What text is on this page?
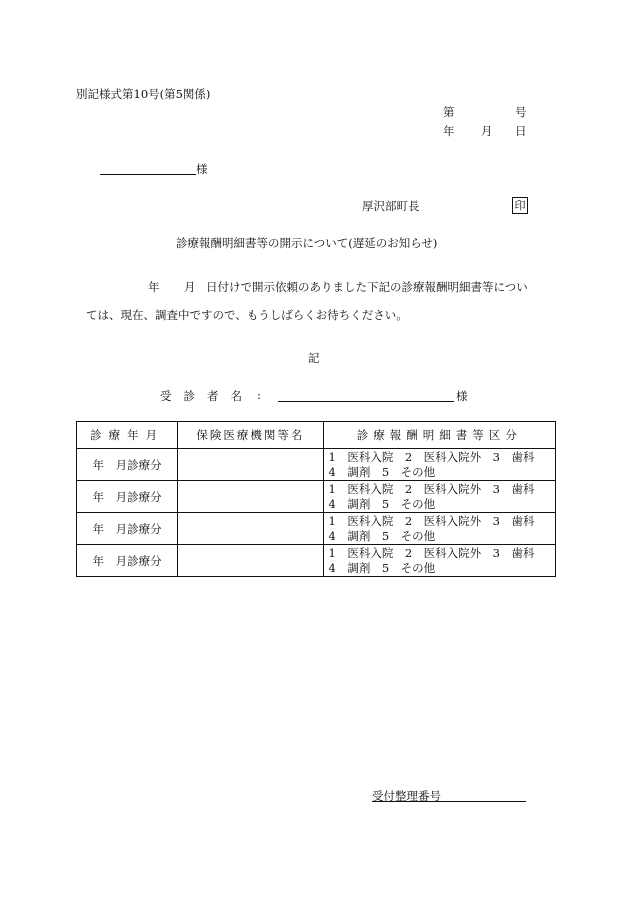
別記様式第10号(第5関係)
第	号
年 月 日
様
厚沢部町長	印
診療報酬明細書等の開示について(遅延のお知らせ)
年 月 日付けで開示依頼のありました下記の診療報酬明細書等につい
ては、現在、調査中ですので、もうしばらくお待ちください。
記
受診者名 :	様
診療年月	保険医療機関等名	診療報酬明細書等区分
年　月診療分		1　医科入院　2　医科入院外　3　歯科
4　調剤　5　その他

年　月診療分		1　医科入院　2　医科入院外　3　歯科
4　調剤　5　その他

年　月診療分		1　医科入院　2　医科入院外　3　歯科
4　調剤　5　その他

年　月診療分		1　医科入院　2　医科入院外　3　歯科
4　調剤　5　その他
受付整理番号
